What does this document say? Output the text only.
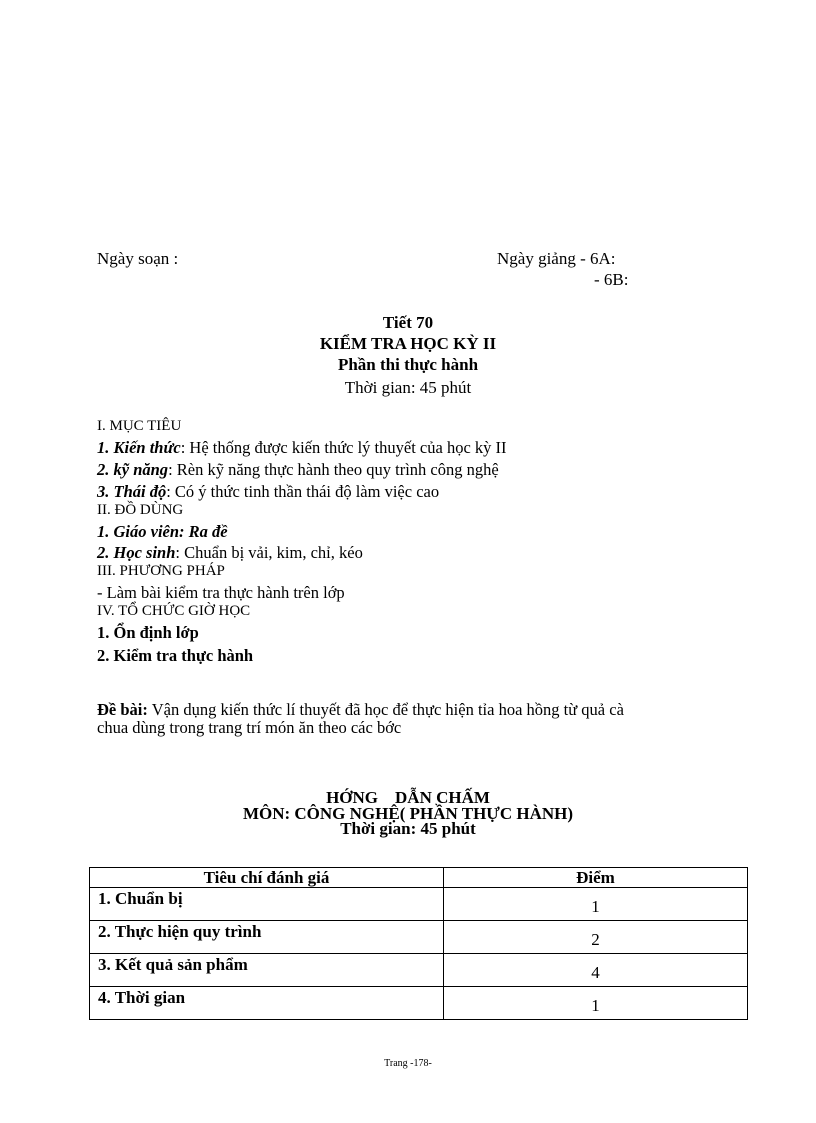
Ngày soạn :	Ngày giảng - 6A:
- 6B:
Tiết 70
KIỂM TRA HỌC KỲ II
Phần thi thực hành
Thời gian: 45 phút
I. MỤC TIÊU
1. Kiến thức: Hệ thống được kiến thức lý thuyết của học kỳ II
2. kỹ năng: Rèn kỹ năng thực hành theo quy trình công nghệ
3. Thái độ: Có ý thức tinh thần thái độ làm việc cao
II. ĐỒ DÙNG
1. Giáo viên: Ra đề
2. Học sinh: Chuẩn bị vải, kim, chỉ, kéo
III. PHƯƠNG PHÁP
- Làm bài kiểm tra thực hành trên lớp
IV. TỔ CHỨC GIỜ HỌC
1. Ổn định lớp
2. Kiểm tra thực hành
Đề bài: Vận dụng kiến thức lí thuyết đã học để thực hiện tỉa hoa hồng từ quả cà
chua dùng trong trang trí món ăn theo các bớc
HỚNG    DẪN CHẤM
MÔN: CÔNG NGHỆ( PHẦN THỰC HÀNH)
Thời gian: 45 phút
Tiêu chí đánh giá	Điểm
1. Chuẩn bị	1
2. Thực hiện quy trình	2
3. Kết quả sản phẩm	4
4. Thời gian	1
Trang -178-
